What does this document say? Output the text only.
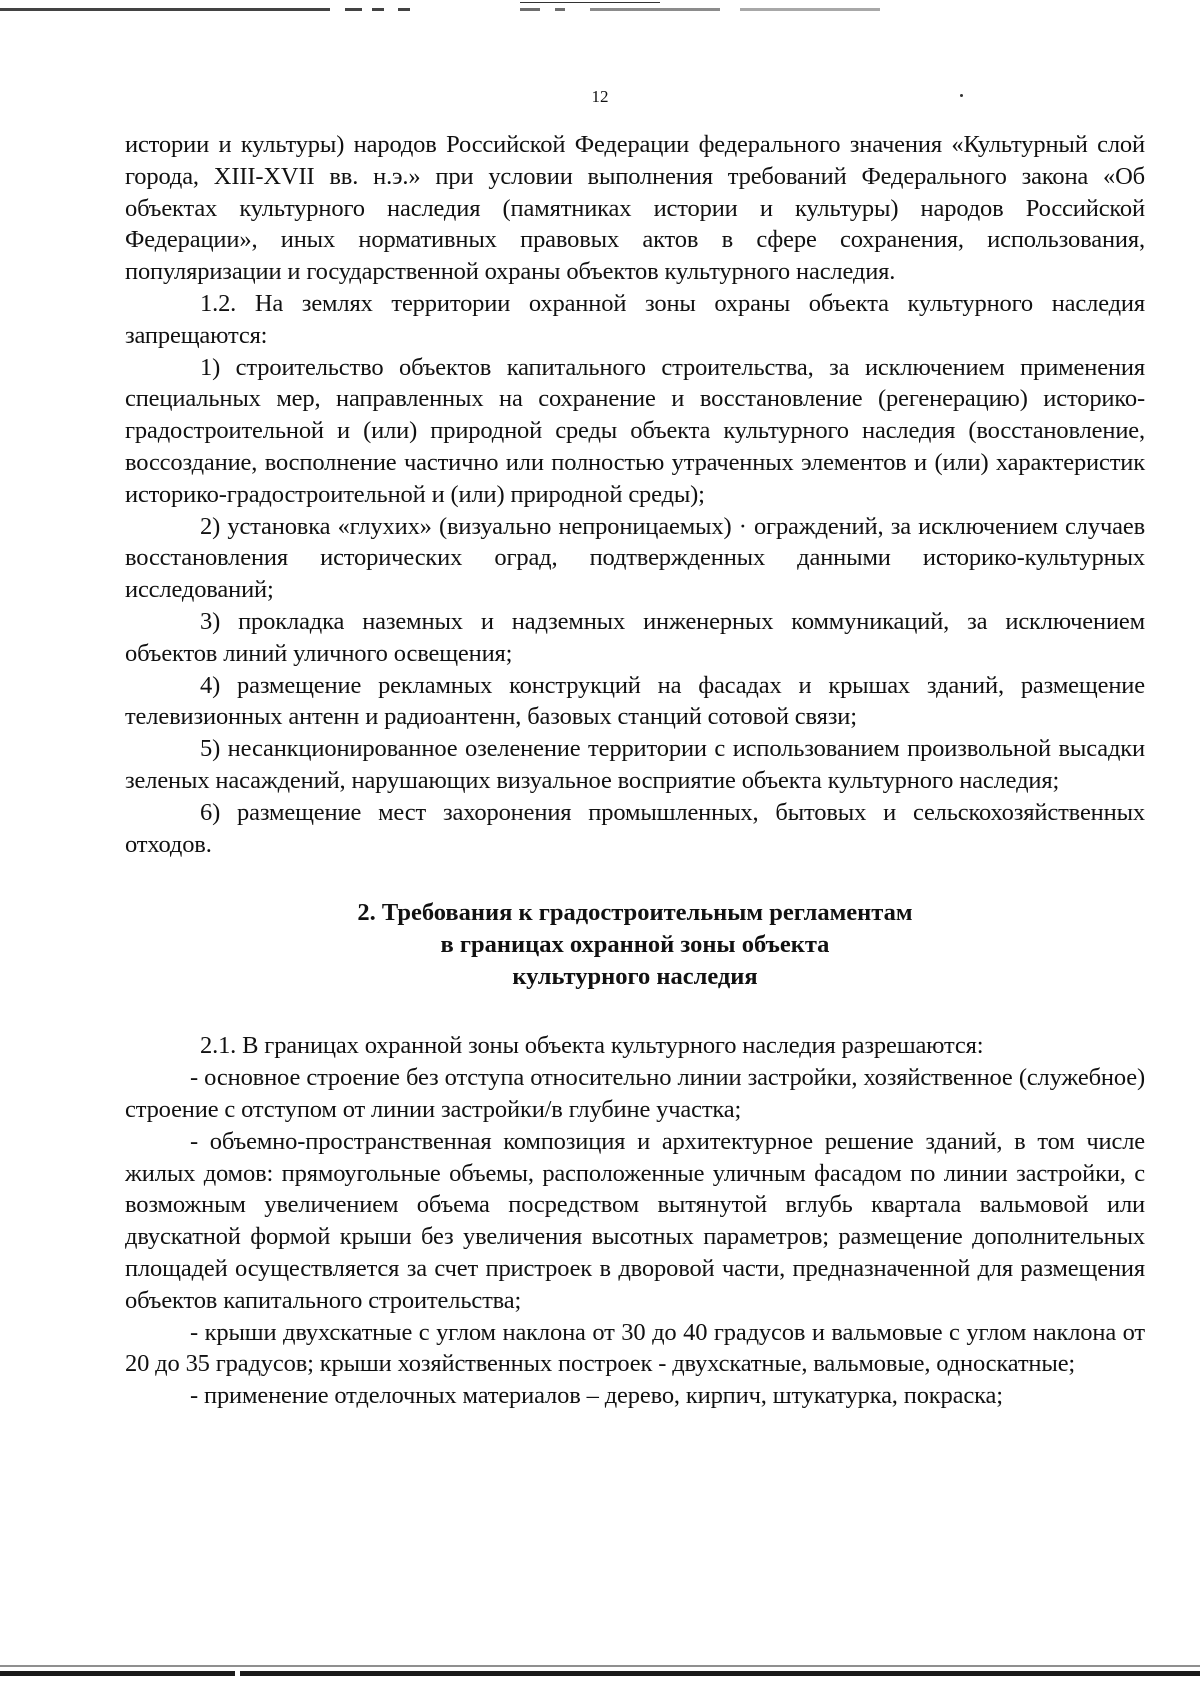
12

истории и культуры) народов Российской Федерации федерального значения «Культурный слой города, XIII-XVII вв. н.э.» при условии выполнения требований Федерального закона «Об объектах культурного наследия (памятниках истории и культуры) народов Российской Федерации», иных нормативных правовых актов в сфере сохранения, использования, популяризации и государственной охраны объектов культурного наследия.

1.2. На землях территории охранной зоны охраны объекта культурного наследия запрещаются:

1) строительство объектов капитального строительства, за исключением применения специальных мер, направленных на сохранение и восстановление (регенерацию) историко-градостроительной и (или) природной среды объекта культурного наследия (восстановление, воссоздание, восполнение частично или полностью утраченных элементов и (или) характеристик историко-градостроительной и (или) природной среды);

2) установка «глухих» (визуально непроницаемых) · ограждений, за исключением случаев восстановления исторических оград, подтвержденных данными историко-культурных исследований;

3) прокладка наземных и надземных инженерных коммуникаций, за исключением объектов линий уличного освещения;

4) размещение рекламных конструкций на фасадах и крышах зданий, размещение телевизионных антенн и радиоантенн, базовых станций сотовой связи;

5) несанкционированное озеленение территории с использованием произвольной высадки зеленых насаждений, нарушающих визуальное восприятие объекта культурного наследия;

6) размещение мест захоронения промышленных, бытовых и сельскохозяйственных отходов.

2. Требования к градостроительным регламентам
в границах охранной зоны объекта
культурного наследия

2.1. В границах охранной зоны объекта культурного наследия разрешаются:

- основное строение без отступа относительно линии застройки, хозяйственное (служебное) строение с отступом от линии застройки/в глубине участка;

- объемно-пространственная композиция и архитектурное решение зданий, в том числе жилых домов: прямоугольные объемы, расположенные уличным фасадом по линии застройки, с возможным увеличением объема посредством вытянутой вглубь квартала вальмовой или двускатной формой крыши без увеличения высотных параметров; размещение дополнительных площадей осуществляется за счет пристроек в дворовой части, предназначенной для размещения объектов капитального строительства;

- крыши двухскатные с углом наклона от 30 до 40 градусов и вальмовые с углом наклона от 20 до 35 градусов; крыши хозяйственных построек - двухскатные, вальмовые, односкатные;

- применение отделочных материалов – дерево, кирпич, штукатурка, покраска;
